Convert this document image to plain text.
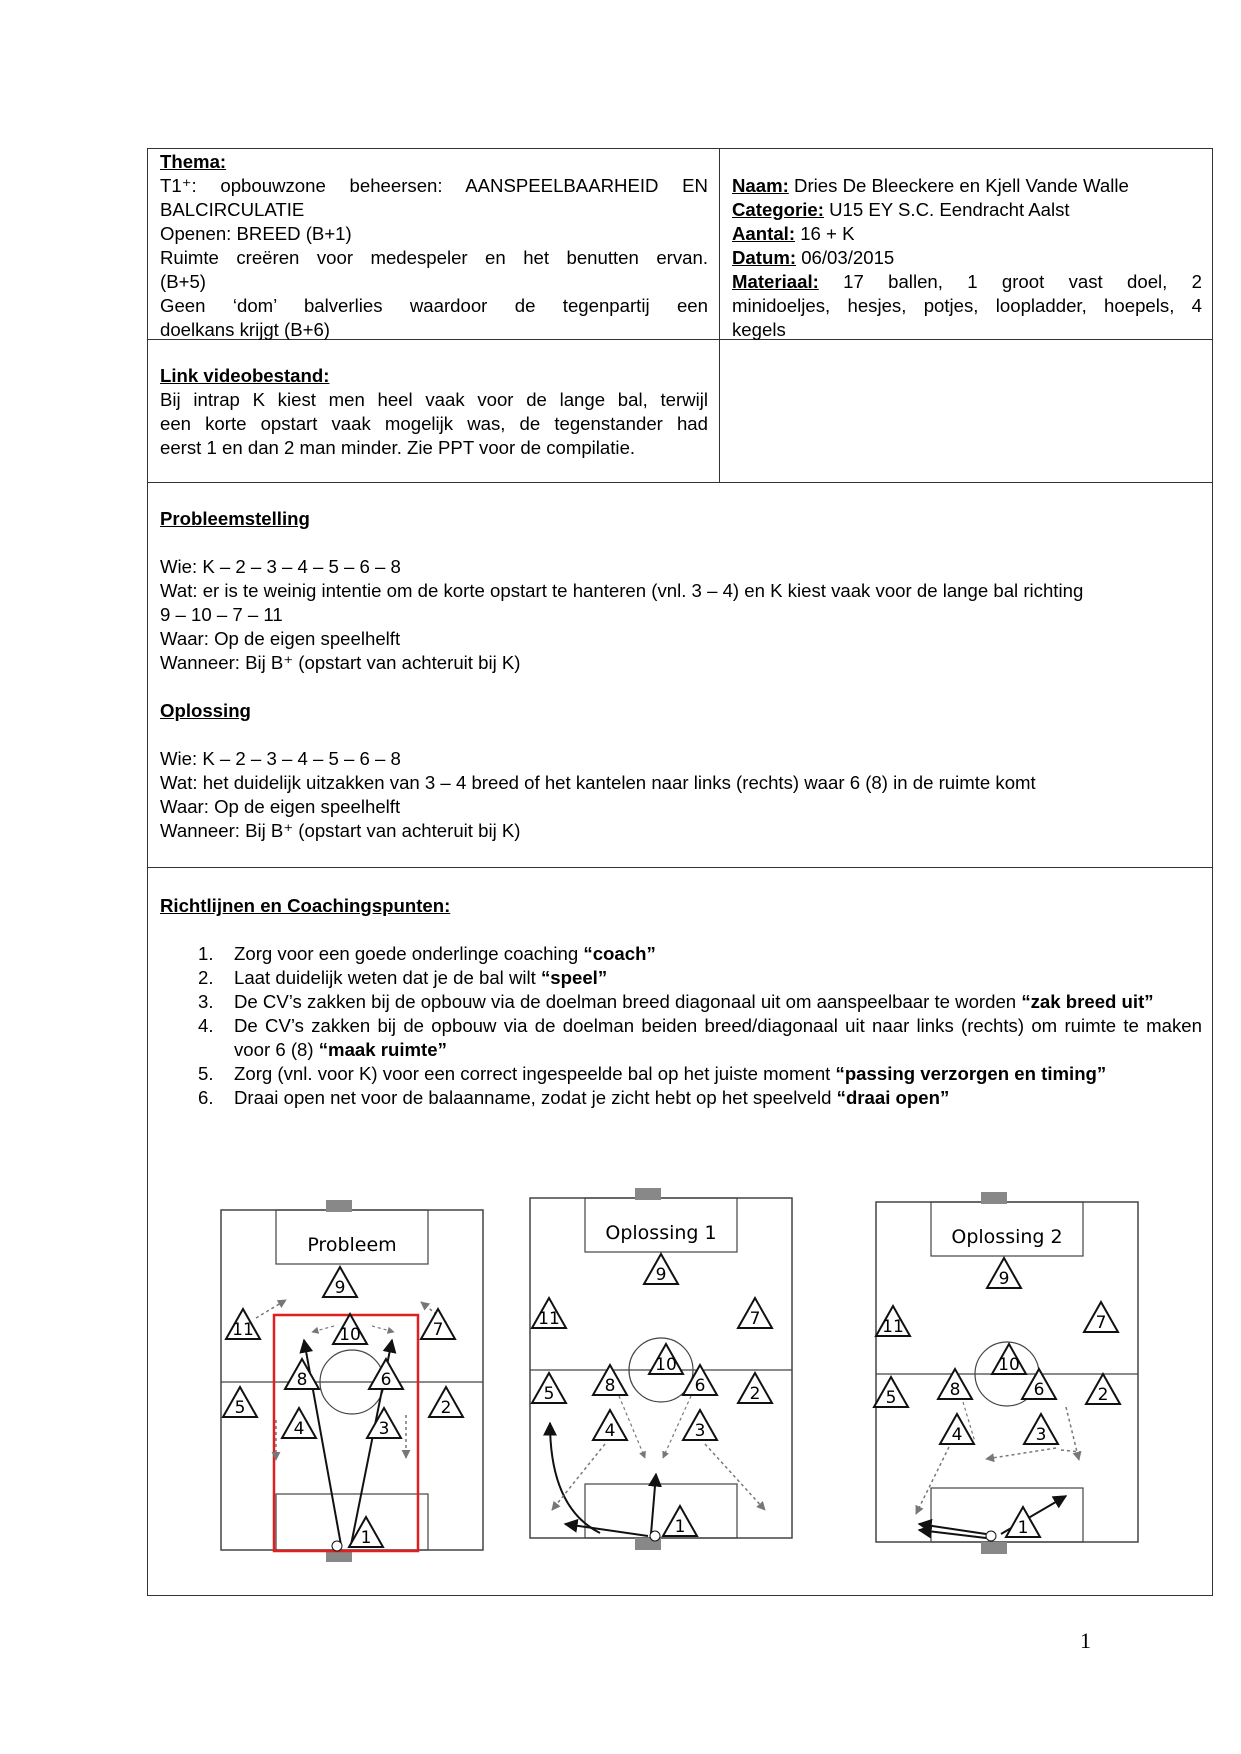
Thema:
T1⁺: opbouwzone beheersen: AANSPEELBAARHEID EN
BALCIRCULATIE
Openen: BREED (B+1)
Ruimte creëren voor medespeler en het benutten ervan.
(B+5)
Geen ‘dom’ balverlies waardoor de tegenpartij een
doelkans krijgt (B+6)
Naam: Dries De Bleeckere en Kjell Vande Walle
Categorie: U15 EY S.C. Eendracht Aalst
Aantal: 16 + K
Datum: 06/03/2015
Materiaal: 17 ballen, 1 groot vast doel, 2
minidoeljes, hesjes, potjes, loopladder, hoepels, 4
kegels
Link videobestand:
Bij intrap K kiest men heel vaak voor de lange bal, terwijl
een korte opstart vaak mogelijk was, de tegenstander had
eerst 1 en dan 2 man minder. Zie PPT voor de compilatie.
Probleemstelling

Wie: K – 2 – 3 – 4 – 5 – 6 – 8
Wat: er is te weinig intentie om de korte opstart te hanteren (vnl. 3 – 4) en K kiest vaak voor de lange bal richting
9 – 10 – 7 – 11
Waar: Op de eigen speelhelft
Wanneer: Bij B⁺ (opstart van achteruit bij K)

Oplossing

Wie: K – 2 – 3 – 4 – 5 – 6 – 8
Wat: het duidelijk uitzakken van 3 – 4 breed of het kantelen naar links (rechts) waar 6 (8) in de ruimte komt
Waar: Op de eigen speelhelft
Wanneer: Bij B⁺ (opstart van achteruit bij K)
Richtlijnen en Coachingspunten:

1. Zorg voor een goede onderlinge coaching “coach”
2. Laat duidelijk weten dat je de bal wilt “speel”
3. De CV’s zakken bij de opbouw via de doelman breed diagonaal uit om aanspeelbaar te worden “zak breed uit”
4. De CV’s zakken bij de opbouw via de doelman beiden breed/diagonaal uit naar links (rechts) om ruimte te maken voor 6 (8) “maak ruimte”
5. Zorg (vnl. voor K) voor een correct ingespeelde bal op het juiste moment “passing verzorgen en timing”
6. Draai open net voor de balaanname, zodat je zicht hebt op het speelveld “draai open”
Probleem
9
11	7
10
8	6
5	2
4	3
1
Oplossing 1
9
11	7
10
5	8	6	2
4	3
1
Oplossing 2
9
11	7
10
5	8	6	2
4	3
1
1
